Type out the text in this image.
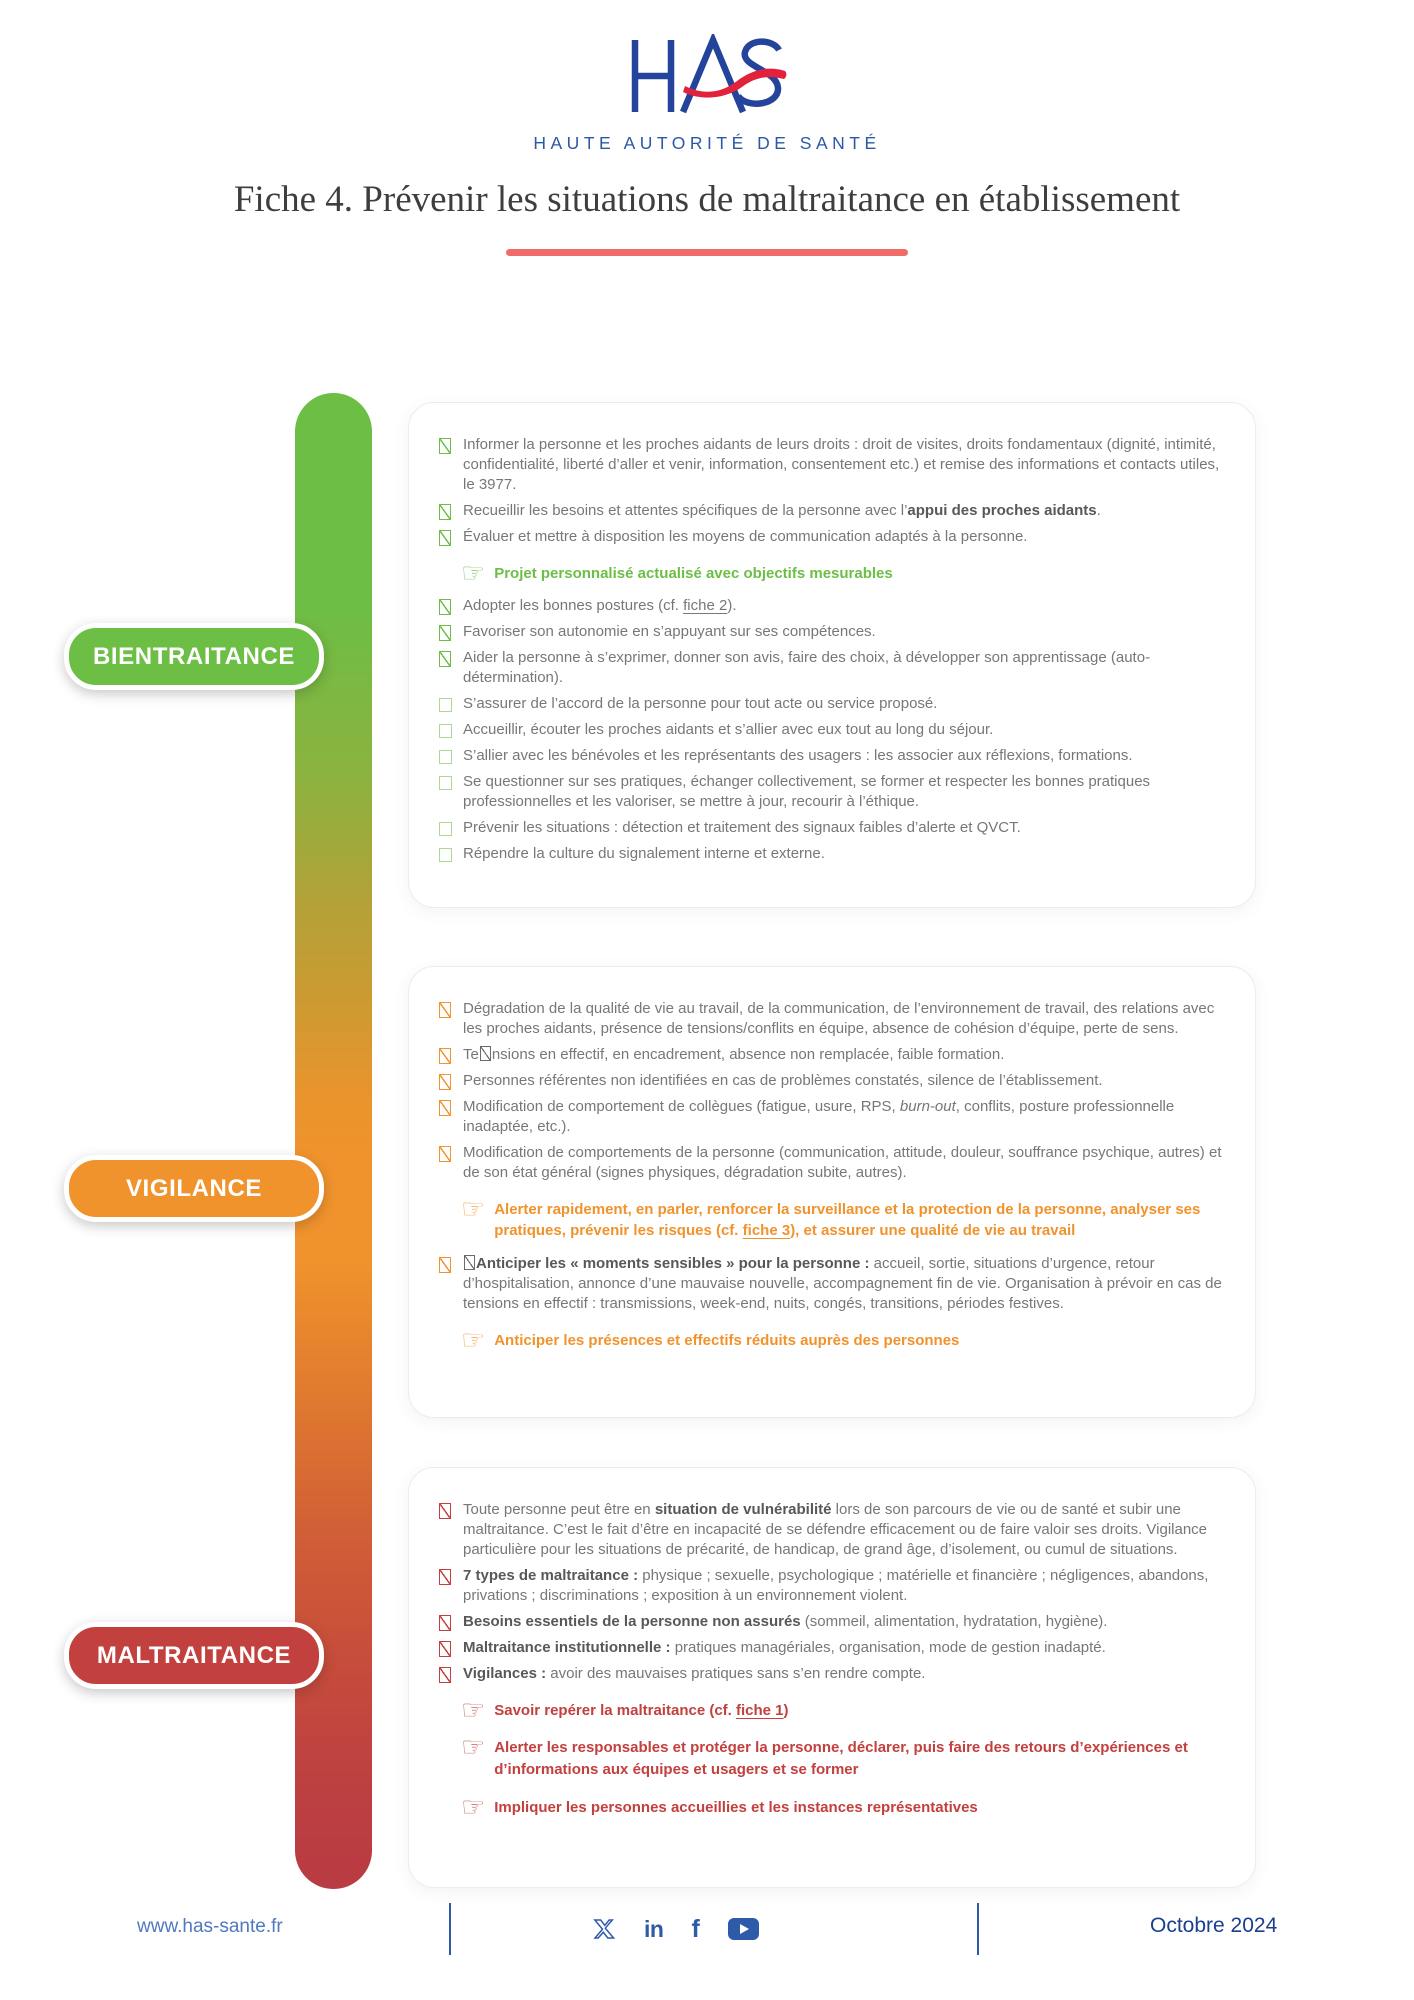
HAUTE AUTORITÉ DE SANTÉ
Fiche 4. Prévenir les situations de maltraitance en établissement
BIENTRAITANCE
VIGILANCE
MALTRAITANCE
Informer la personne et les proches aidants de leurs droits : droit de visites, droits fondamentaux (dignité, intimité, confidentialité, liberté d’aller et venir, information, consentement etc.) et remise des informations et contacts utiles, le 3977.
Recueillir les besoins et attentes spécifiques de la personne avec l’appui des proches aidants.
Évaluer et mettre à disposition les moyens de communication adaptés à la personne.
☞ Projet personnalisé actualisé avec objectifs mesurables
Adopter les bonnes postures (cf. fiche 2).
Favoriser son autonomie en s’appuyant sur ses compétences.
Aider la personne à s’exprimer, donner son avis, faire des choix, à développer son apprentissage (auto-détermination).
S’assurer de l’accord de la personne pour tout acte ou service proposé.
Accueillir, écouter les proches aidants et s’allier avec eux tout au long du séjour.
S’allier avec les bénévoles et les représentants des usagers : les associer aux réflexions, formations.
Se questionner sur ses pratiques, échanger collectivement, se former et respecter les bonnes pratiques professionnelles et les valoriser, se mettre à jour, recourir à l’éthique.
Prévenir les situations : détection et traitement des signaux faibles d’alerte et QVCT.
Répendre la culture du signalement interne et externe.
Dégradation de la qualité de vie au travail, de la communication, de l’environnement de travail, des relations avec les proches aidants, présence de tensions/conflits en équipe, absence de cohésion d’équipe, perte de sens.
Te nsions en effectif, en encadrement, absence non remplacée, faible formation.
Personnes référentes non identifiées en cas de problèmes constatés, silence de l’établissement.
Modification de comportement de collègues (fatigue, usure, RPS, burn-out, conflits, posture professionnelle inadaptée, etc.).
Modification de comportements de la personne (communication, attitude, douleur, souffrance psychique, autres) et de son état général (signes physiques, dégradation subite, autres).
☞ Alerter rapidement, en parler, renforcer la surveillance et la protection de la personne, analyser ses pratiques, prévenir les risques (cf. fiche 3), et assurer une qualité de vie au travail
Anticiper les « moments sensibles » pour la personne : accueil, sortie, situations d’urgence, retour d’hospitalisation, annonce d’une mauvaise nouvelle, accompagnement fin de vie. Organisation à prévoir en cas de tensions en effectif : transmissions, week-end, nuits, congés, transitions, périodes festives.
☞ Anticiper les présences et effectifs réduits auprès des personnes
Toute personne peut être en situation de vulnérabilité lors de son parcours de vie ou de santé et subir une maltraitance. C’est le fait d’être en incapacité de se défendre efficacement ou de faire valoir ses droits. Vigilance particulière pour les situations de précarité, de handicap, de grand âge, d’isolement, ou cumul de situations.
7 types de maltraitance : physique ; sexuelle, psychologique ; matérielle et financière ; négligences, abandons, privations ; discriminations ; exposition à un environnement violent.
Besoins essentiels de la personne non assurés (sommeil, alimentation, hydratation, hygiène).
Maltraitance institutionnelle : pratiques managériales, organisation, mode de gestion inadapté.
Vigilances : avoir des mauvaises pratiques sans s’en rendre compte.
☞ Savoir repérer la maltraitance (cf. fiche 1)
☞ Alerter les responsables et protéger la personne, déclarer, puis faire des retours d’expériences et d’informations aux équipes et usagers et se former
☞ Impliquer les personnes accueillies et les instances représentatives
www.has-sante.fr	in f	Octobre 2024
